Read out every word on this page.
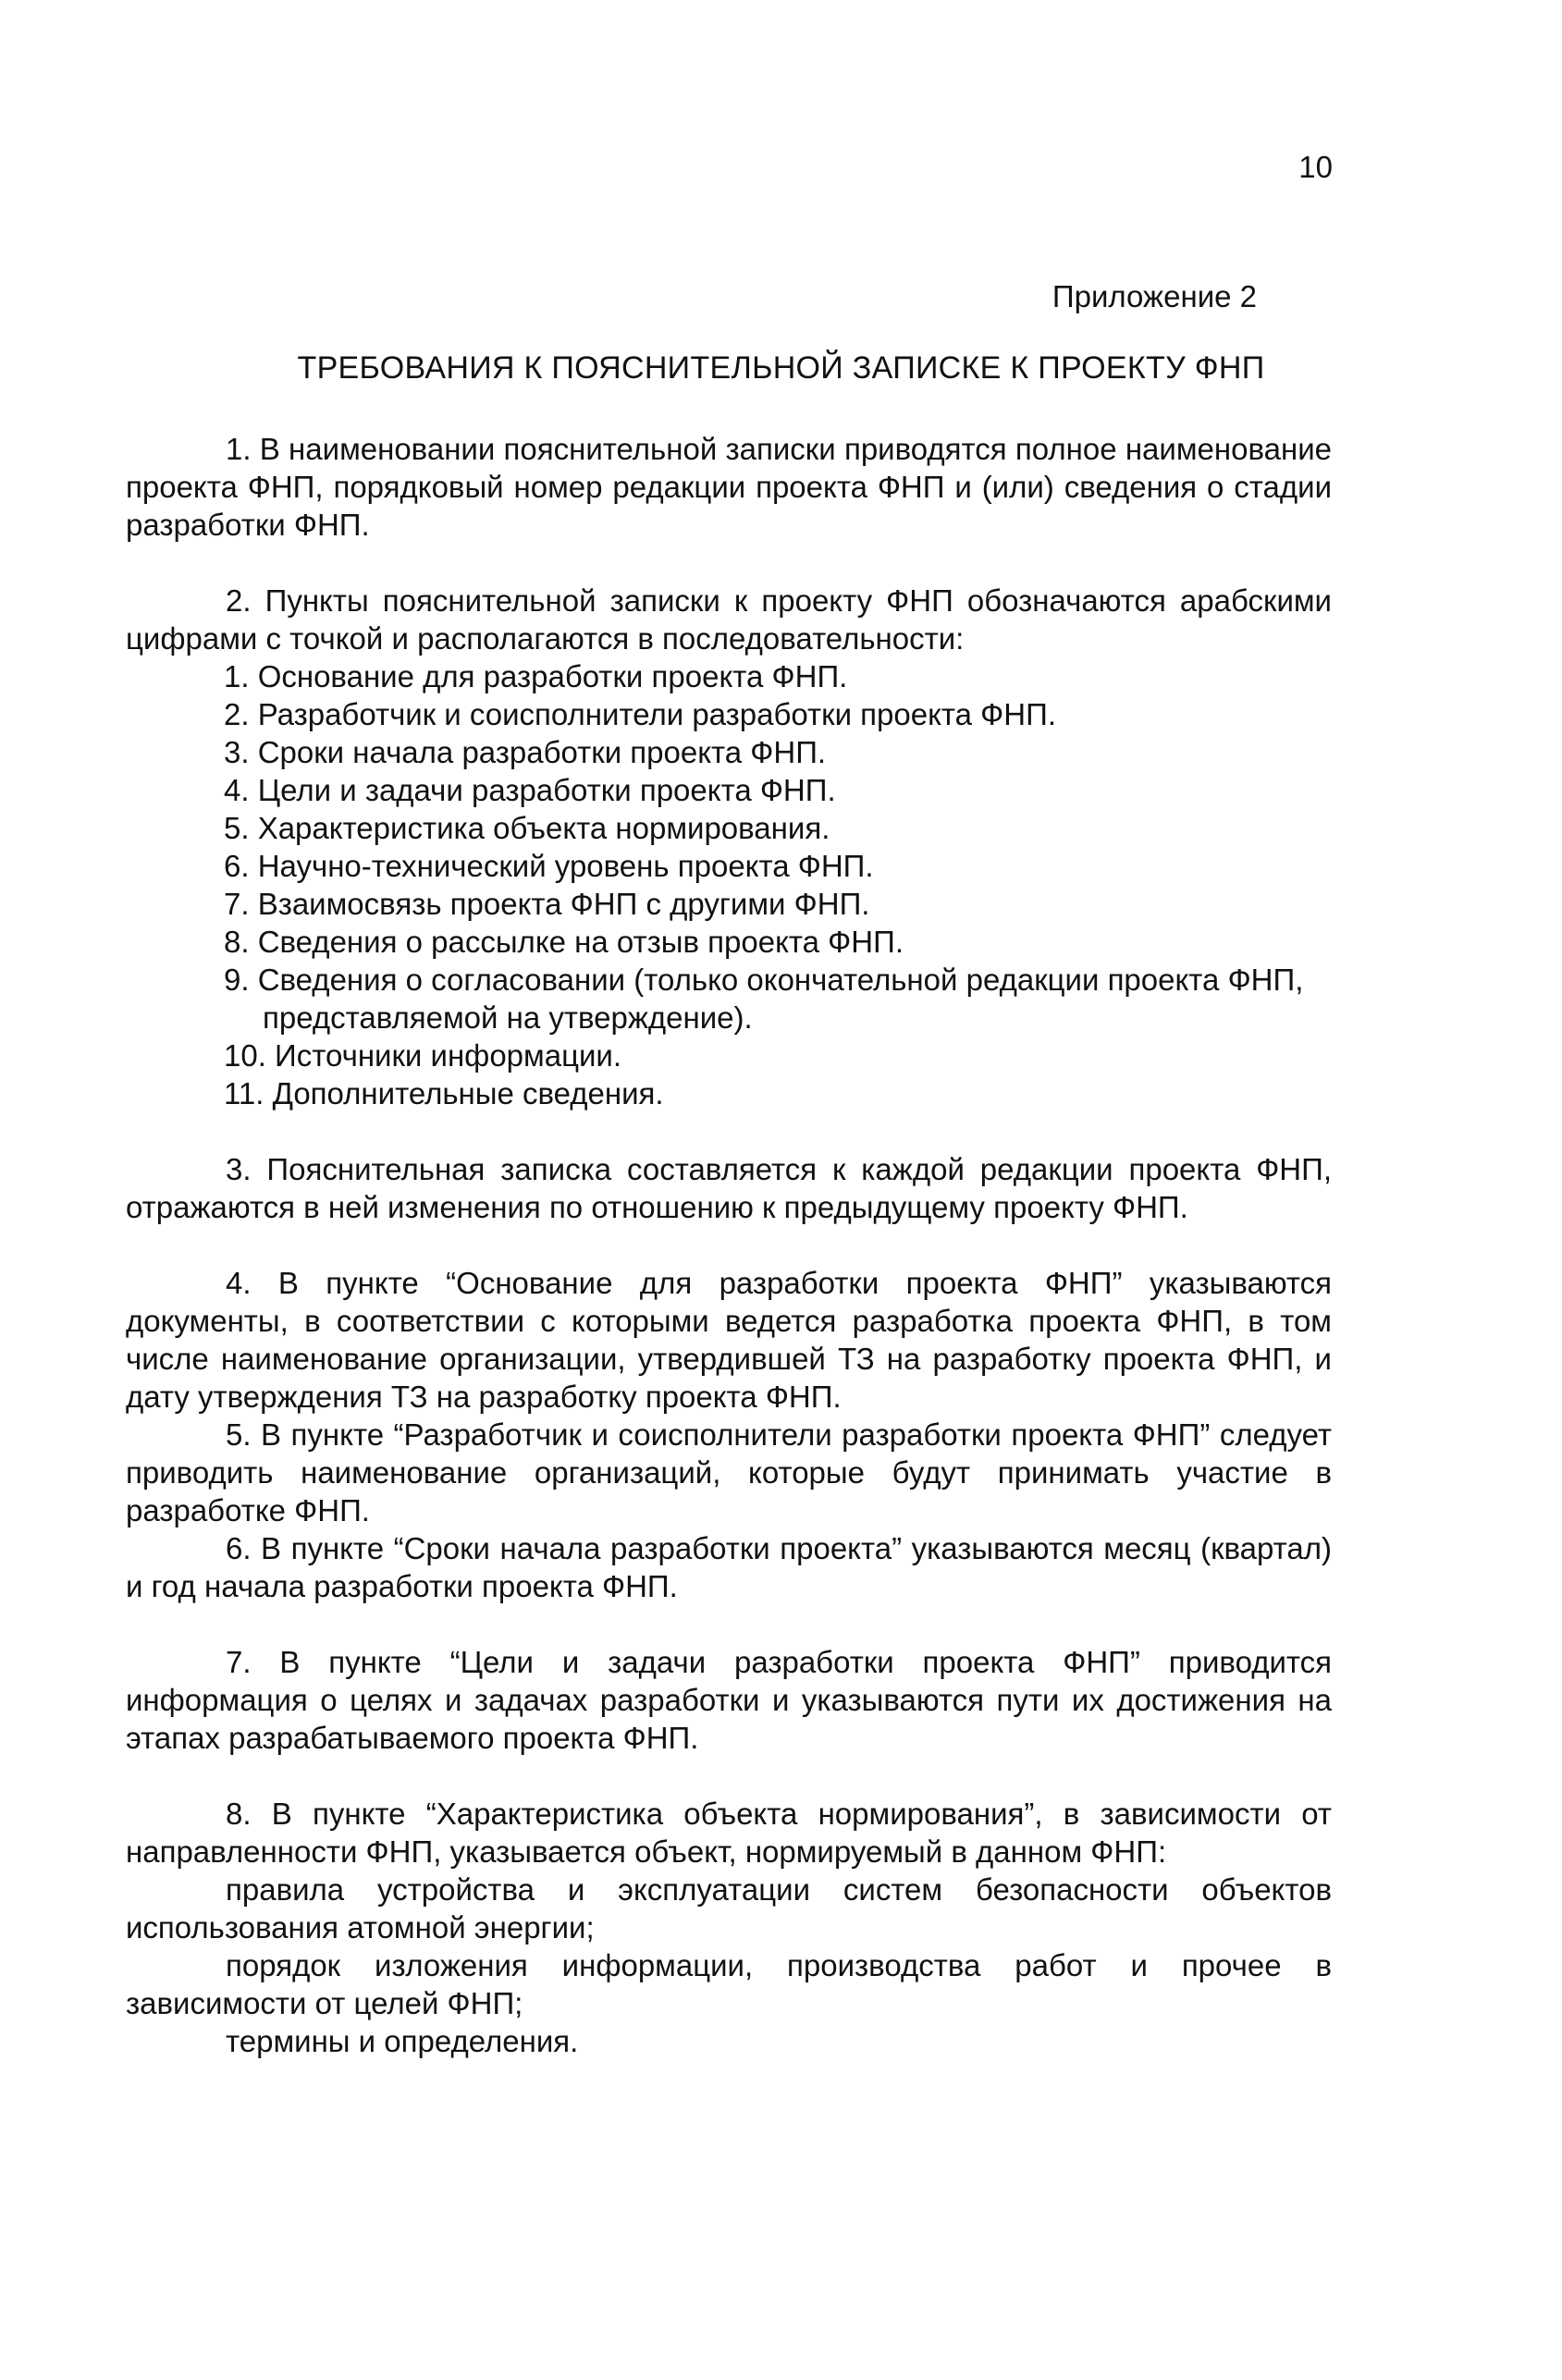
10
Приложение 2
ТРЕБОВАНИЯ К ПОЯСНИТЕЛЬНОЙ ЗАПИСКЕ К ПРОЕКТУ ФНП

1. В наименовании пояснительной записки приводятся полное наименование проекта ФНП, порядковый номер редакции проекта ФНП и (или) сведения о стадии разработки ФНП.

2. Пункты пояснительной записки к проекту ФНП обозначаются арабскими цифрами с точкой и располагаются в последовательности:

1. Основание для разработки проекта ФНП.
2. Разработчик и соисполнители разработки проекта ФНП.
3. Сроки начала разработки проекта ФНП.
4. Цели и задачи разработки проекта ФНП.
5. Характеристика объекта нормирования.
6. Научно-технический уровень проекта ФНП.
7. Взаимосвязь проекта ФНП с другими ФНП.
8. Сведения о рассылке на отзыв проекта ФНП.
9. Сведения о согласовании (только окончательной редакции проекта ФНП, представляемой на утверждение).
10. Источники информации.
11. Дополнительные сведения.

3. Пояснительная записка составляется к каждой редакции проекта ФНП, отражаются в ней изменения по отношению к предыдущему проекту ФНП.

4. В пункте “Основание для разработки проекта ФНП” указываются документы, в соответствии с которыми ведется разработка проекта ФНП, в том числе наименование организации, утвердившей ТЗ на разработку проекта ФНП, и дату утверждения ТЗ на разработку проекта ФНП.

5. В пункте “Разработчик и соисполнители разработки проекта ФНП” следует приводить наименование организаций, которые будут принимать участие в разработке ФНП.

6. В пункте “Сроки начала разработки проекта” указываются месяц (квартал) и год начала разработки проекта ФНП.

7. В пункте “Цели и задачи разработки проекта ФНП” приводится информация о целях и задачах разработки и указываются пути их достижения на этапах разрабатываемого проекта ФНП.

8. В пункте “Характеристика объекта нормирования”, в зависимости от направленности ФНП, указывается объект, нормируемый в данном ФНП:

правила устройства и эксплуатации систем безопасности объектов использования атомной энергии;

порядок изложения информации, производства работ и прочее в зависимости от целей ФНП;

термины и определения.
